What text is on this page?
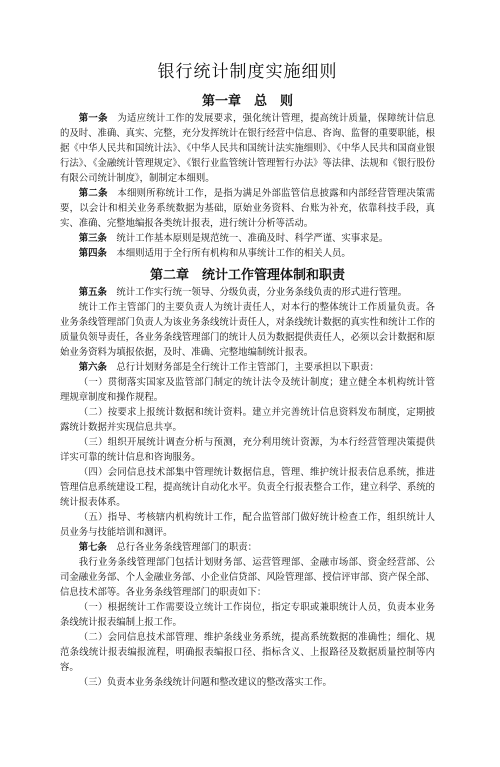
银行统计制度实施细则
第一章　总　则

第一条　 为适应统计工作的发展要求，强化统计管理，提高统计质量，保障统计信息的及时、准确、真实、完整，充分发挥统计在银行经营中信息、咨询、监督的重要职能，根据《中华人民共和国统计法》、《中华人民共和国统计法实施细则》、《中华人民共和国商业银行法》、《金融统计管理规定》、《银行业监管统计管理暂行办法》等法律、法规和《银行股份有限公司统计制度》，制制定本细则。

第二条　 本细则所称统计工作，是指为满足外部监管信息披露和内部经营管理决策需要，以会计和相关业务系统数据为基础，原始业务资料、台账为补充，依靠科技手段，真实、准确、完整地编报各类统计报表，进行统计分析等活动。

第三条　 统计工作基本原则是规范统一、准确及时、科学严谨、实事求是。

第四条　 本细则适用于全行所有机构和从事统计工作的相关人员。

第二章　统计工作管理体制和职责

第五条　 统计工作实行统一领导、分级负责，分业务条线负责的形式进行管理。

统计工作主管部门的主要负责人为统计责任人，对本行的整体统计工作质量负责。各业务条线管理部门负责人为该业务条线统计责任人，对条线统计数据的真实性和统计工作的质量负领导责任，各业务条线管理部门的统计人员为数据提供责任人，必须以会计数据和原始业务资料为填报依据，及时、准确、完整地编制统计报表。

第六条　 总行计划财务部是全行统计工作主管部门，主要承担以下职责：

（一）贯彻落实国家及监管部门制定的统计法令及统计制度；建立健全本机构统计管理规章制度和操作规程。

（二）按要求上报统计数据和统计资料。建立并完善统计信息资料发布制度，定期披露统计数据并实现信息共享。

（三）组织开展统计调查分析与预测，充分利用统计资源，为本行经营管理决策提供详实可靠的统计信息和咨询服务。

（四）会同信息技术部集中管理统计数据信息，管理、维护统计报表信息系统，推进管理信息系统建设工程，提高统计自动化水平。负责全行报表整合工作，建立科学、系统的统计报表体系。

（五）指导、考核辖内机构统计工作，配合监管部门做好统计检查工作，组织统计人员业务与技能培训和测评。

第七条　 总行各业务条线管理部门的职责：

我行业务条线管理部门包括计划财务部、运营管理部、金融市场部、资金经营部、公司金融业务部、个人金融业务部、小企业信贷部、风险管理部、授信评审部、资产保全部、信息技术部等。各业务条线管理部门的职责如下：

（一）根据统计工作需要设立统计工作岗位，指定专职或兼职统计人员，负责本业务条线统计报表编制上报工作。

（二）会同信息技术部管理、维护条线业务系统，提高系统数据的准确性；细化、规范条线统计报表编报流程，明确报表编报口径、指标含义、上报路径及数据质量控制等内容。

（三）负责本业务条线统计问题和整改建议的整改落实工作。
